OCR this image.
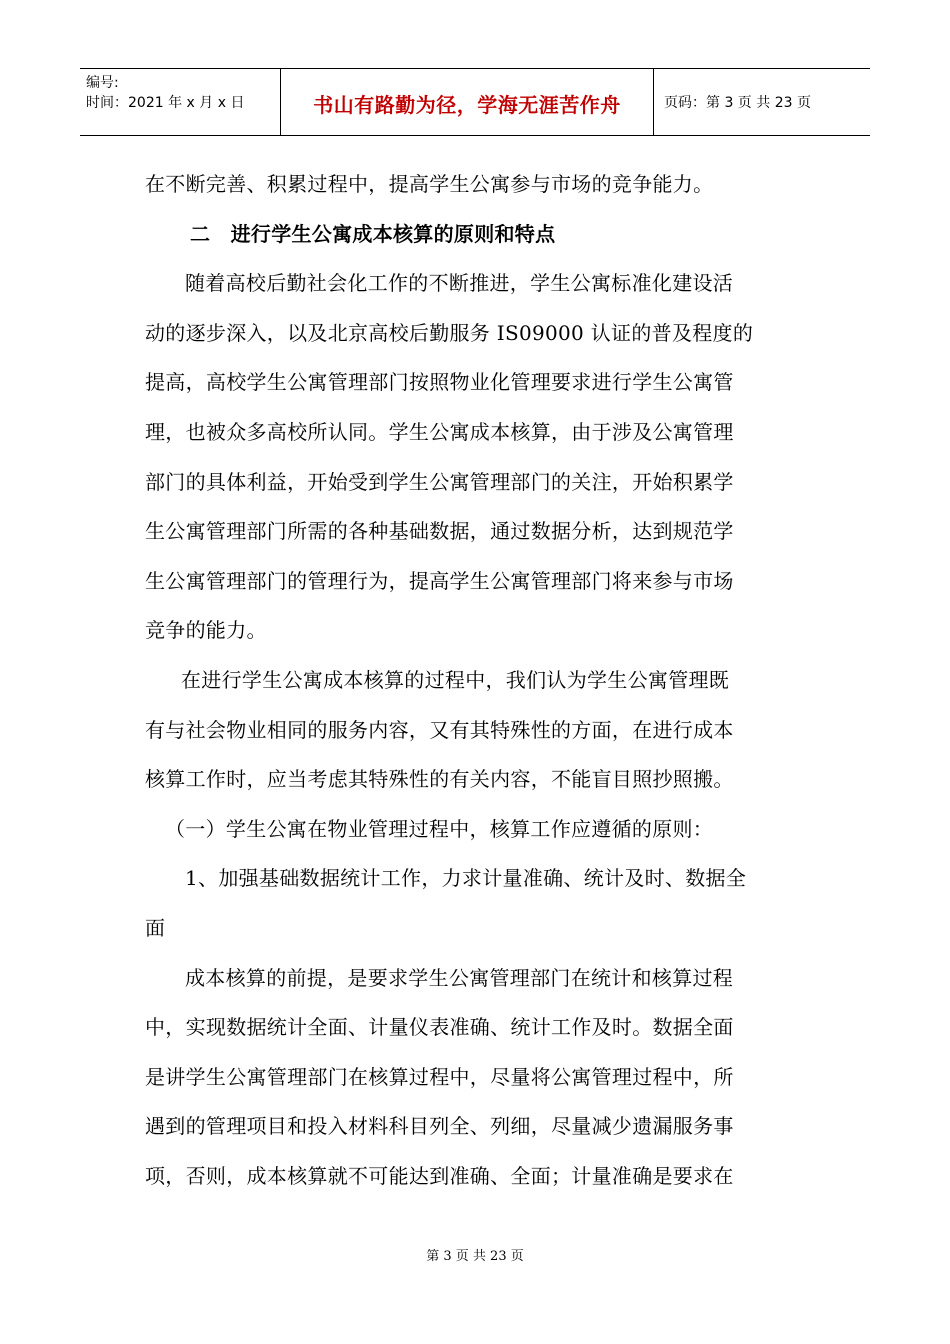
编号:
时间：2021 年 x 月 x 日	书山有路勤为径，学海无涯苦作舟	页码：第 3 页 共 23 页
在不断完善、积累过程中，提高学生公寓参与市场的竞争能力。
二　进行学生公寓成本核算的原则和特点
随着高校后勤社会化工作的不断推进，学生公寓标准化建设活
动的逐步深入，以及北京高校后勤服务 IS09000 认证的普及程度的
提高，高校学生公寓管理部门按照物业化管理要求进行学生公寓管
理，也被众多高校所认同。学生公寓成本核算，由于涉及公寓管理
部门的具体利益，开始受到学生公寓管理部门的关注，开始积累学
生公寓管理部门所需的各种基础数据，通过数据分析，达到规范学
生公寓管理部门的管理行为，提高学生公寓管理部门将来参与市场
竞争的能力。
在进行学生公寓成本核算的过程中，我们认为学生公寓管理既
有与社会物业相同的服务内容，又有其特殊性的方面，在进行成本
核算工作时，应当考虑其特殊性的有关内容，不能盲目照抄照搬。
（一）学生公寓在物业管理过程中，核算工作应遵循的原则：
1、加强基础数据统计工作，力求计量准确、统计及时、数据全
面
成本核算的前提，是要求学生公寓管理部门在统计和核算过程
中，实现数据统计全面、计量仪表准确、统计工作及时。数据全面
是讲学生公寓管理部门在核算过程中，尽量将公寓管理过程中，所
遇到的管理项目和投入材料科目列全、列细，尽量减少遗漏服务事
项，否则，成本核算就不可能达到准确、全面；计量准确是要求在
第 3 页 共 23 页
